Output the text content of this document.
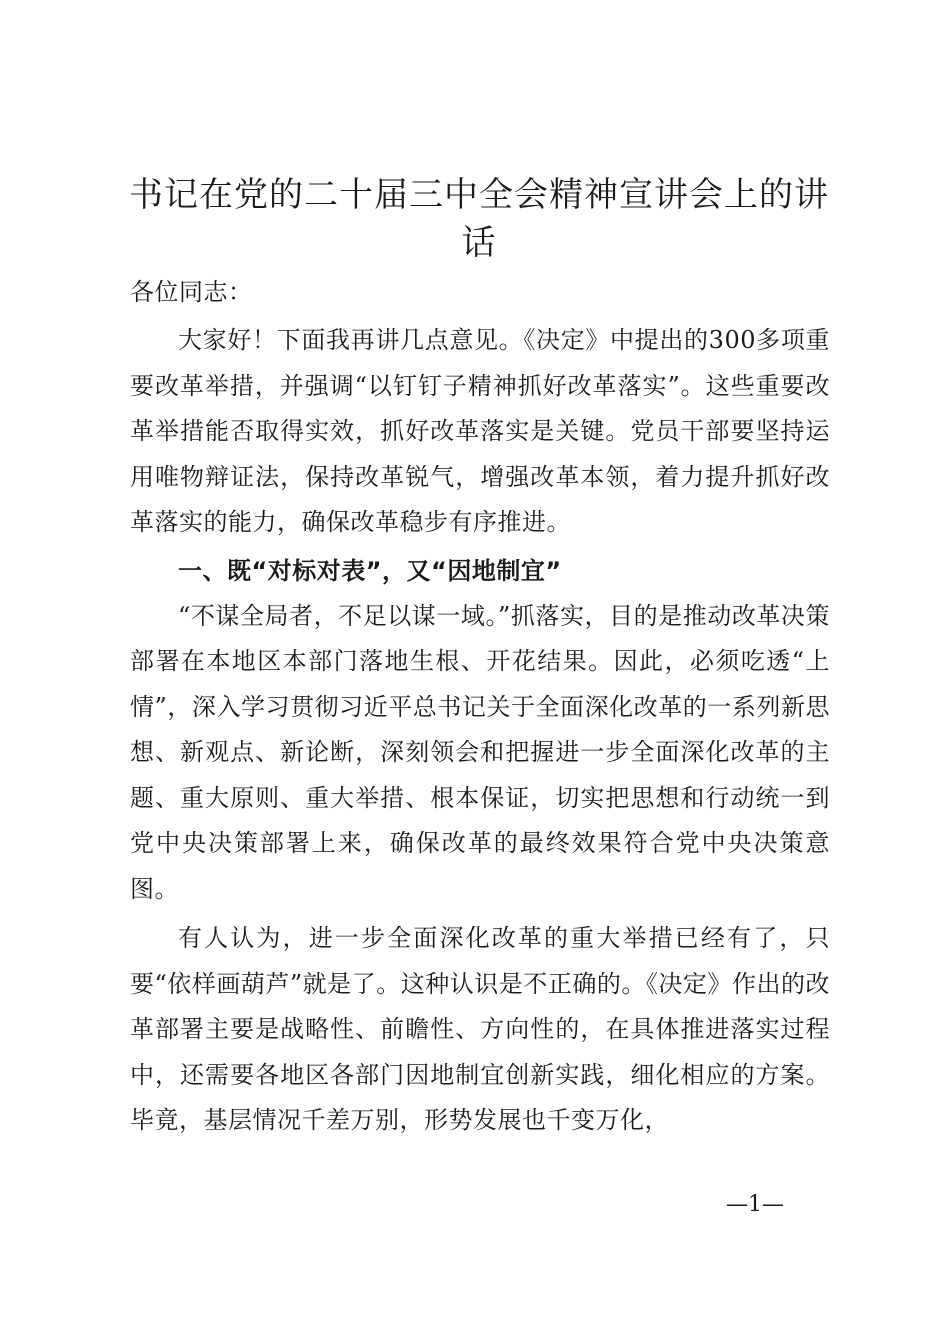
书记在党的二十届三中全会精神宣讲会上的讲话

各位同志：

大家好！下面我再讲几点意见。《决定》中提出的300多项重要改革举措，并强调“以钉钉子精神抓好改革落实”。这些重要改革举措能否取得实效，抓好改革落实是关键。党员干部要坚持运用唯物辩证法，保持改革锐气，增强改革本领，着力提升抓好改革落实的能力，确保改革稳步有序推进。

一、既“对标对表”，又“因地制宜”

“不谋全局者，不足以谋一域。”抓落实，目的是推动改革决策部署在本地区本部门落地生根、开花结果。因此，必须吃透“上情”，深入学习贯彻习近平总书记关于全面深化改革的一系列新思想、新观点、新论断，深刻领会和把握进一步全面深化改革的主题、重大原则、重大举措、根本保证，切实把思想和行动统一到党中央决策部署上来，确保改革的最终效果符合党中央决策意图。

有人认为，进一步全面深化改革的重大举措已经有了，只要“依样画葫芦”就是了。这种认识是不正确的。《决定》作出的改革部署主要是战略性、前瞻性、方向性的，在具体推进落实过程中，还需要各地区各部门因地制宜创新实践，细化相应的方案。毕竟，基层情况千差万别，形势发展也千变万化，

—1—
